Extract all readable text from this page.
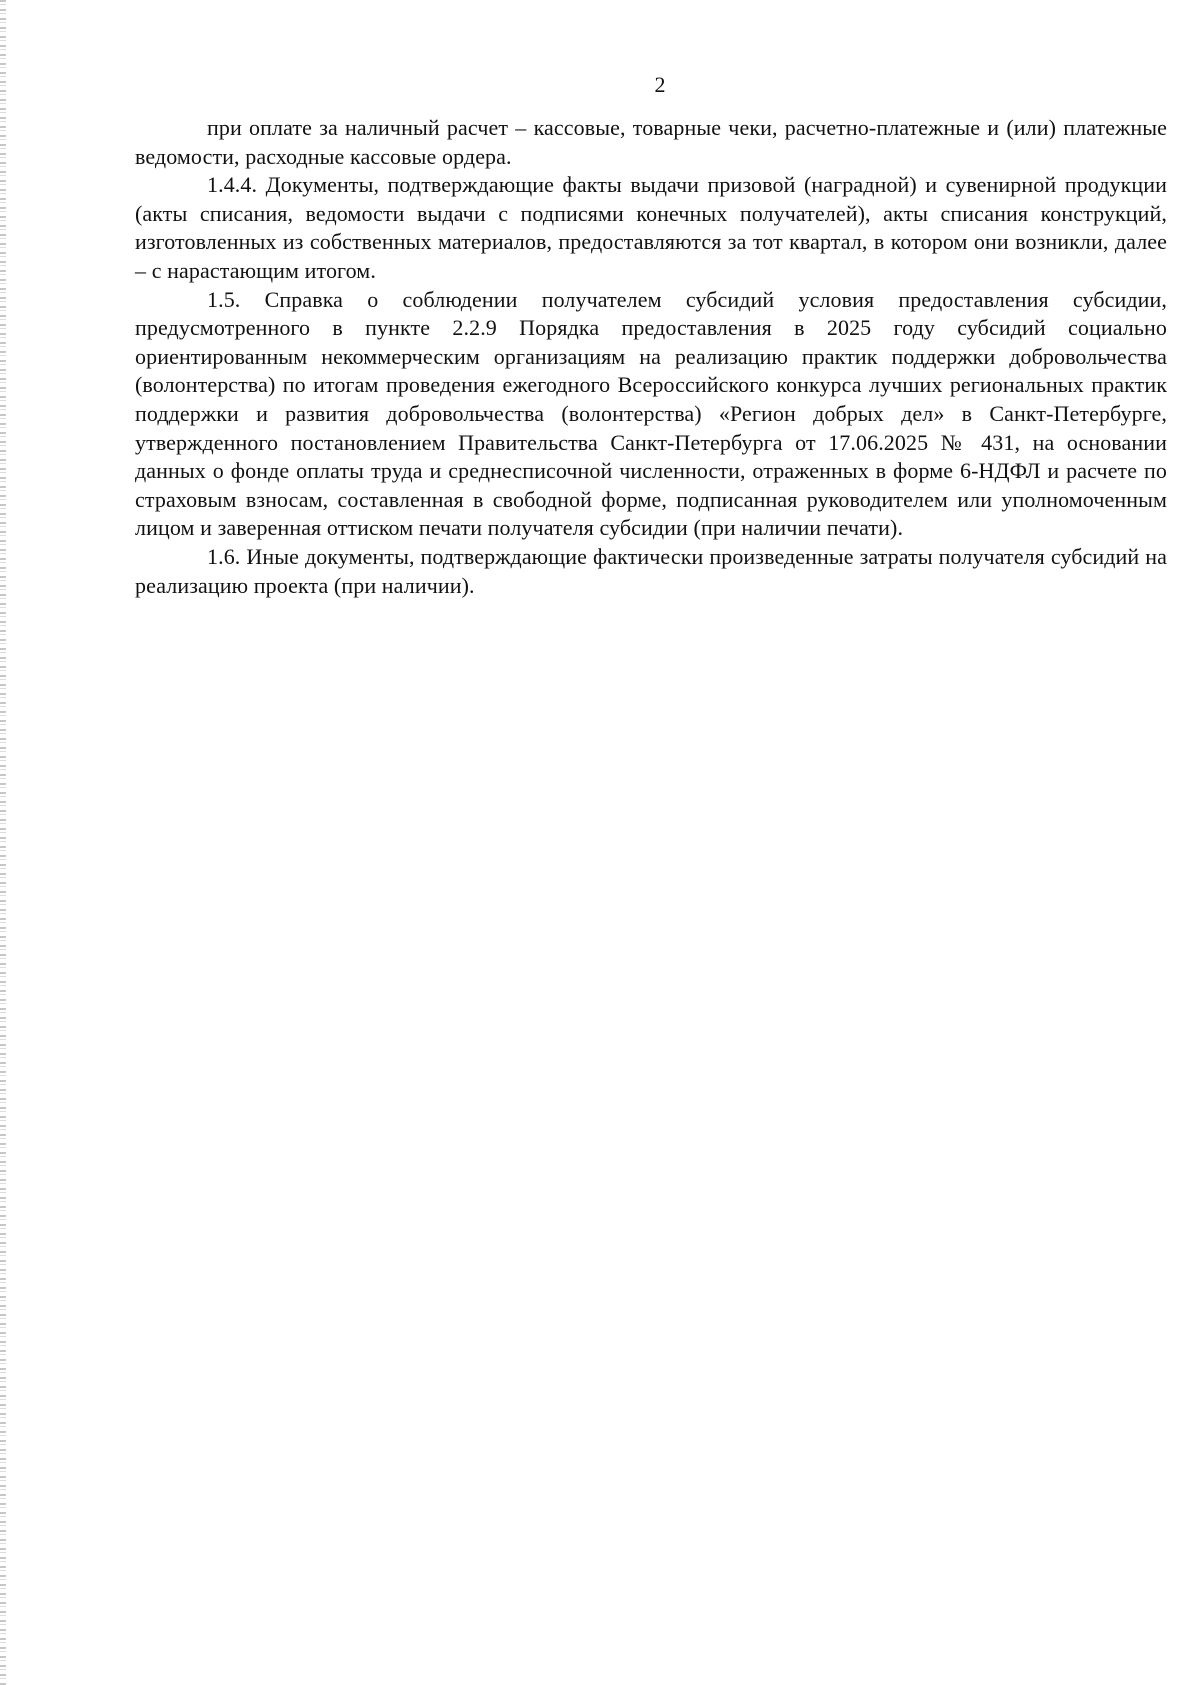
2

при оплате за наличный расчет – кассовые, товарные чеки, расчетно-платежные и (или) платежные ведомости, расходные кассовые ордера.

1.4.4. Документы, подтверждающие факты выдачи призовой (наградной) и сувенирной продукции (акты списания, ведомости выдачи с подписями конечных получателей), акты списания конструкций, изготовленных из собственных материалов, предоставляются за тот квартал, в котором они возникли, далее – с нарастающим итогом.

1.5. Справка о соблюдении получателем субсидий условия предоставления субсидии, предусмотренного в пункте 2.2.9 Порядка предоставления в 2025 году субсидий социально ориентированным некоммерческим организациям на реализацию практик поддержки добровольчества (волонтерства) по итогам проведения ежегодного Всероссийского конкурса лучших региональных практик поддержки и развития добровольчества (волонтерства) «Регион добрых дел» в Санкт-Петербурге, утвержденного постановлением Правительства Санкт-Петербурга от 17.06.2025 № 431, на основании данных о фонде оплаты труда и среднесписочной численности, отраженных в форме 6-НДФЛ и расчете по страховым взносам, составленная в свободной форме, подписанная руководителем или уполномоченным лицом и заверенная оттиском печати получателя субсидии (при наличии печати).

1.6. Иные документы, подтверждающие фактически произведенные затраты получателя субсидий на реализацию проекта (при наличии).
